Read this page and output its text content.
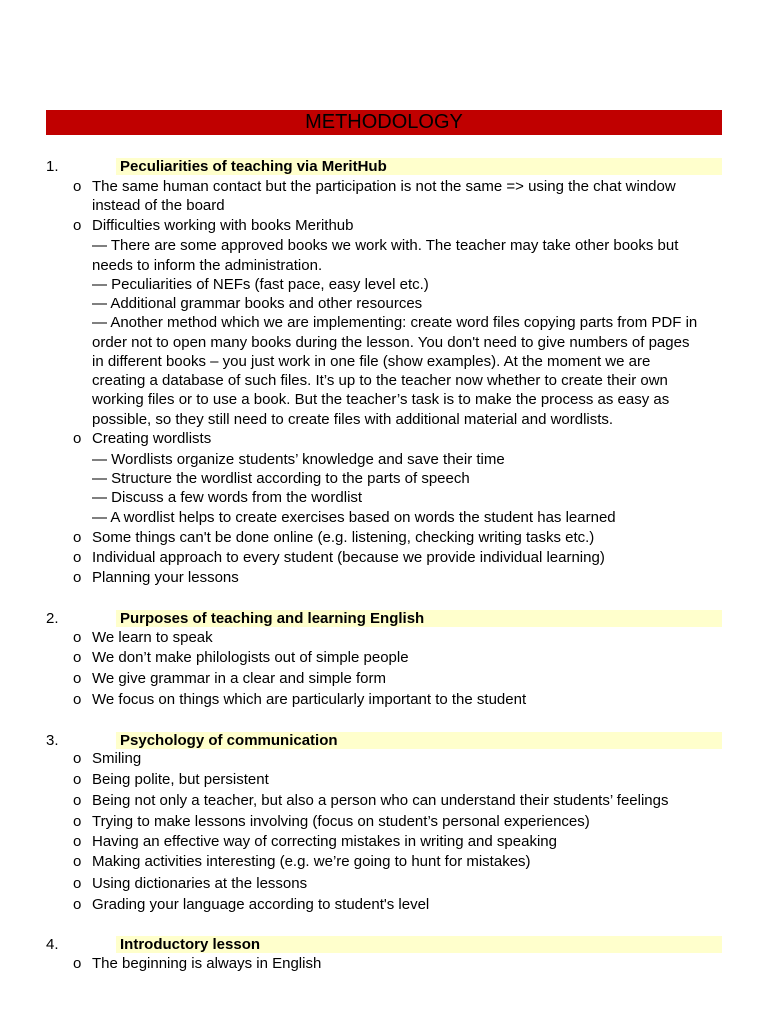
METHODOLOGY
1.	Peculiarities of teaching via MeritHub
o The same human contact but the participation is not the same => using the chat window
instead of the board
o Difficulties working with books Merithub
— There are some approved books we work with. The teacher may take other books but
needs to inform the administration.
— Peculiarities of NEFs (fast pace, easy level etc.)
— Additional grammar books and other resources
— Another method which we are implementing: create word files copying parts from PDF in
order not to open many books during the lesson. You don't need to give numbers of pages
in different books – you just work in one file (show examples). At the moment we are
creating a database of such files. It’s up to the teacher now whether to create their own
working files or to use a book. But the teacher’s task is to make the process as easy as
possible, so they still need to create files with additional material and wordlists.
o Creating wordlists
— Wordlists organize students’ knowledge and save their time
— Structure the wordlist according to the parts of speech
— Discuss a few words from the wordlist
— A wordlist helps to create exercises based on words the student has learned
o Some things can't be done online (e.g. listening, checking writing tasks etc.)
o Individual approach to every student (because we provide individual learning)
o Planning your lessons
2.	Purposes of teaching and learning English
o We learn to speak
o We don’t make philologists out of simple people
o We give grammar in a clear and simple form
o We focus on things which are particularly important to the student
3.	Psychology of communication
o Smiling
o Being polite, but persistent
o Being not only a teacher, but also a person who can understand their students’ feelings
o Trying to make lessons involving (focus on student’s personal experiences)
o Having an effective way of correcting mistakes in writing and speaking
o Making activities interesting (e.g. we’re going to hunt for mistakes)
o Using dictionaries at the lessons
o Grading your language according to student's level
4.	Introductory lesson
o The beginning is always in English
